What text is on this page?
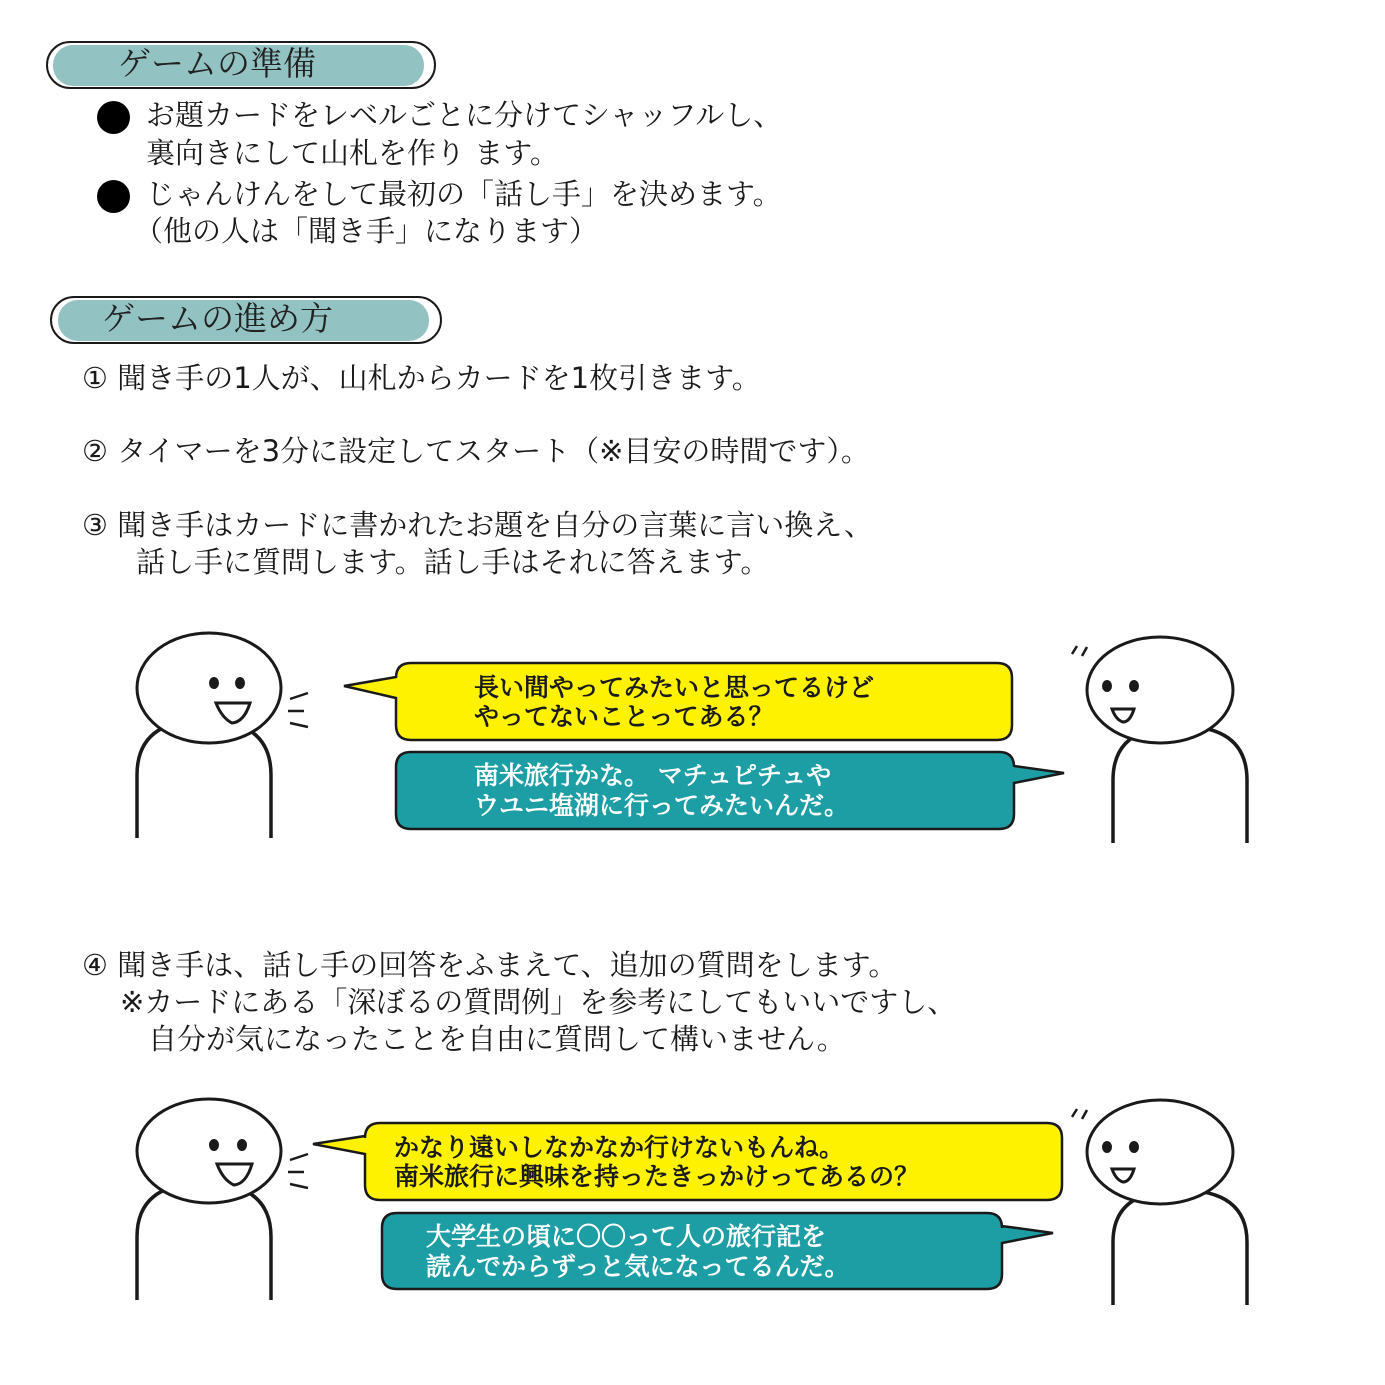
ゲームの準備
お題カードをレベルごとに分けてシャッフルし、
裏向きにして山札を作り ます。
じゃんけんをして最初の「話し手」を決めます。
（他の人は「聞き手」になります）
ゲームの進め方
① 聞き手の1人が、山札からカードを1枚引きます。
② タイマーを3分に設定してスタート（※目安の時間です）。
③ 聞き手はカードに書かれたお題を自分の言葉に言い換え、
話し手に質問します。話し手はそれに答えます。
長い間やってみたいと思ってるけど
やってないことってある？
南米旅行かな。 マチュピチュや
ウユニ塩湖に行ってみたいんだ。
④ 聞き手は、話し手の回答をふまえて、追加の質問をします。
※カードにある「深ぼるの質問例」を参考にしてもいいですし、
自分が気になったことを自由に質問して構いません。
かなり遠いしなかなか行けないもんね。
南米旅行に興味を持ったきっかけってあるの？
大学生の頃に〇〇って人の旅行記を
読んでからずっと気になってるんだ。
